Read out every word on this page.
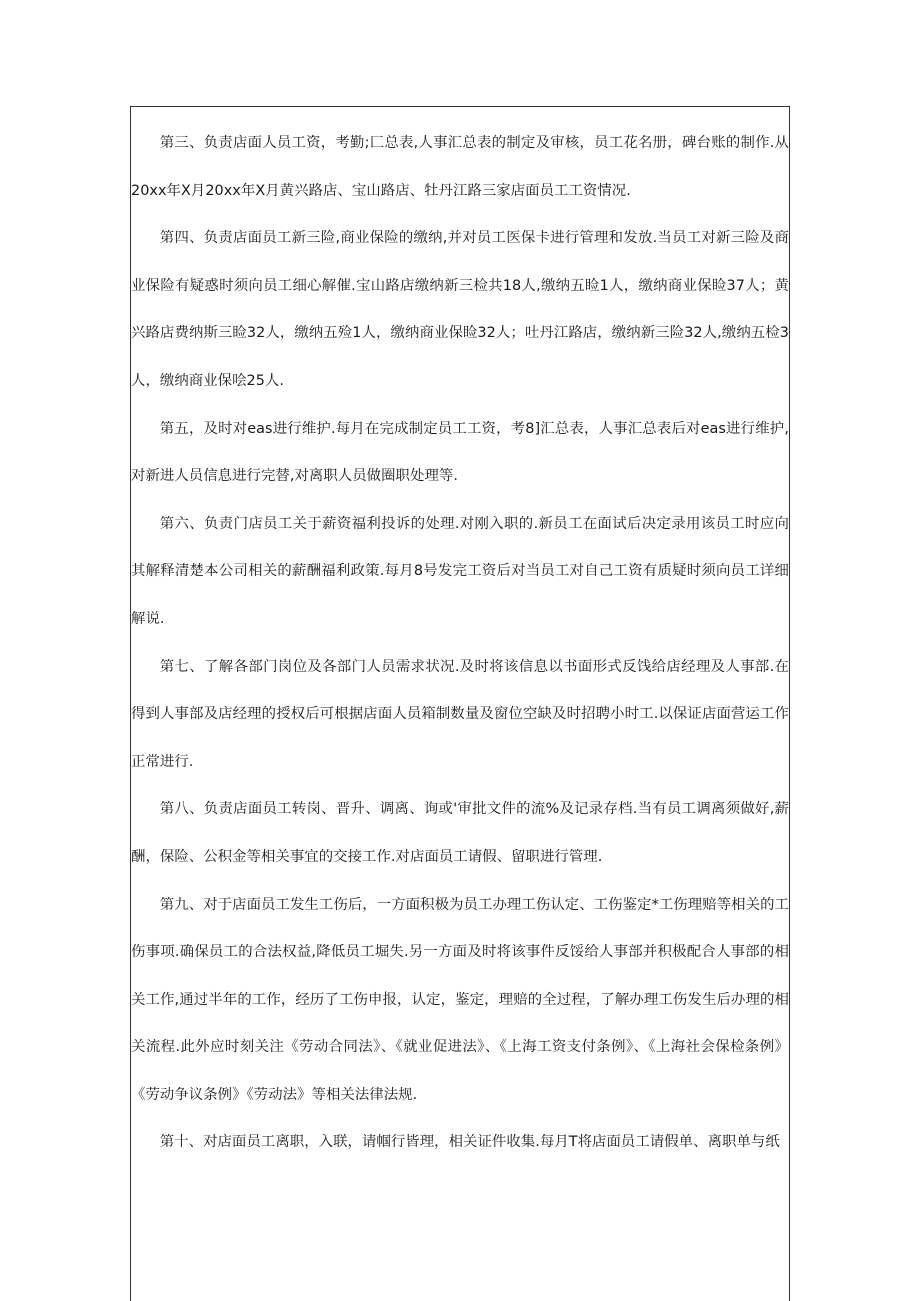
第三、负责店面人员工资，考勤;匚总表,人事汇总表的制定及审核，员工花名册，碑台账的制作.从20xx年X月20xx年X月黄兴路店、宝山路店、牡丹江路三家店面员工工资情况.

第四、负责店面员工新三险,商业保险的缴纳,并对员工医保卡进行管理和发放.当员工对新三险及商业保险有疑惑时须向员工细心解催.宝山路店缴纳新三检共18人,缴纳五睑1人，缴纳商业保睑37人；黄兴路店费纳斯三睑32人，缴纳五殓1人，缴纳商业保睑32人；吐丹江路店，缴纳新三险32人,缴纳五检3人，缴纳商业保哙25人.

第五，及时对eas进行维护.每月在完成制定员工工资，考8]汇总表，人事汇总表后对eas进行维护,对新进人员信息进行完替,对离职人员做圈职处理等.

第六、负责门店员工关于薪资福利投诉的处理.对刚入职的.新员工在面试后决定录用该员工时应向其解释清楚本公司相关的薪酬福利政策.每月8号发完工资后对当员工对自己工资有质疑时须向员工详细解说.

第七、了解各部门岗位及各部门人员需求状况.及时将该信息以书面形式反饯给店经理及人事部.在得到人事部及店经理的授权后可根据店面人员箱制数量及窗位空缺及时招聘小时工.以保证店面营运工作正常进行.

第八、负责店面员工转岗、晋升、调离、询或'审批文件的流%及记录存档.当有员工调离须做好,薪酬，保险、公积金等相关事宜的交接工作.对店面员工请假、留职进行管理.

第九、对于店面员工发生工伤后，一方面积极为员工办理工伤认定、工伤鉴定*工伤理赔等相关的工伤事项.确保员工的合法权益,降低员工堀失.另一方面及时将该事件反馁给人事部并积极配合人事部的相关工作,通过半年的工作，经历了工伤申报，认定，鉴定，理赔的全过程，了解办理工伤发生后办理的相关流程.此外应时刻关注《劳动合同法》、《就业促进法》、《上海工资支付条例》、《上海社会保检条例》《劳动争议条例》《劳动法》等相关法律法规.

第十、对店面员工离职，入联，请帼行皆理，相关证件收集.每月T将店面员工请假单、离职单与纸
